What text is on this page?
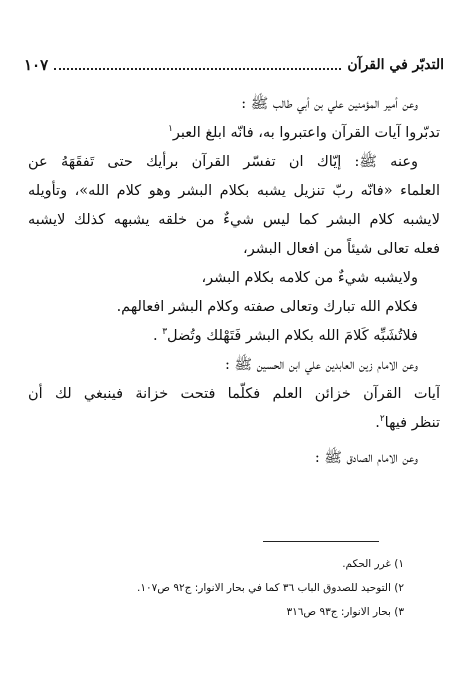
التدبّر في القرآن
١٠٧
وعن أمير المؤمنين علي بن أبي طالب ﷺ :
تدبّروا آيات القرآن واعتبروا به، فانّه ابلغ العبر$^١$
وعنه ﷺ: إيّاك ان تفسّر القرآن برأيك حتى تَفقَهَهُ عن
العلماء «فانّه ربّ تنزيل يشبه بكلام البشر وهو كلام الله»، وتأويله
لايشبه كلام البشر كما ليس شيءٌ من خلقه يشبهه كذلك لايشبه
فعله تعالى شيئاً من افعال البشر،
ولايشبه شيءٌ من كلامه بكلام البشر،
فكلام الله تبارك وتعالى صفته وكلام البشر افعالهم.
فلاتُشَبِّه كَلامَ الله بكلام البشر فَتَهْلك وتُضل$^٣$ .
وعن الامام زين العابدين علي ابن الحسين ﷺ :
آيات القرآن خزائن العلم فكلّما فتحت خزانة فينبغي لك أن
تنظر فيها$^٢$.
وعن الامام الصادق ﷺ :
١) غرر الحكم.
٢) التوحيد للصدوق الباب ٣٦ كما في بحار الانوار: ج٩٢ ص١٠٧.
٣) بحار الانوار: ج٩٣ ص٣١٦
